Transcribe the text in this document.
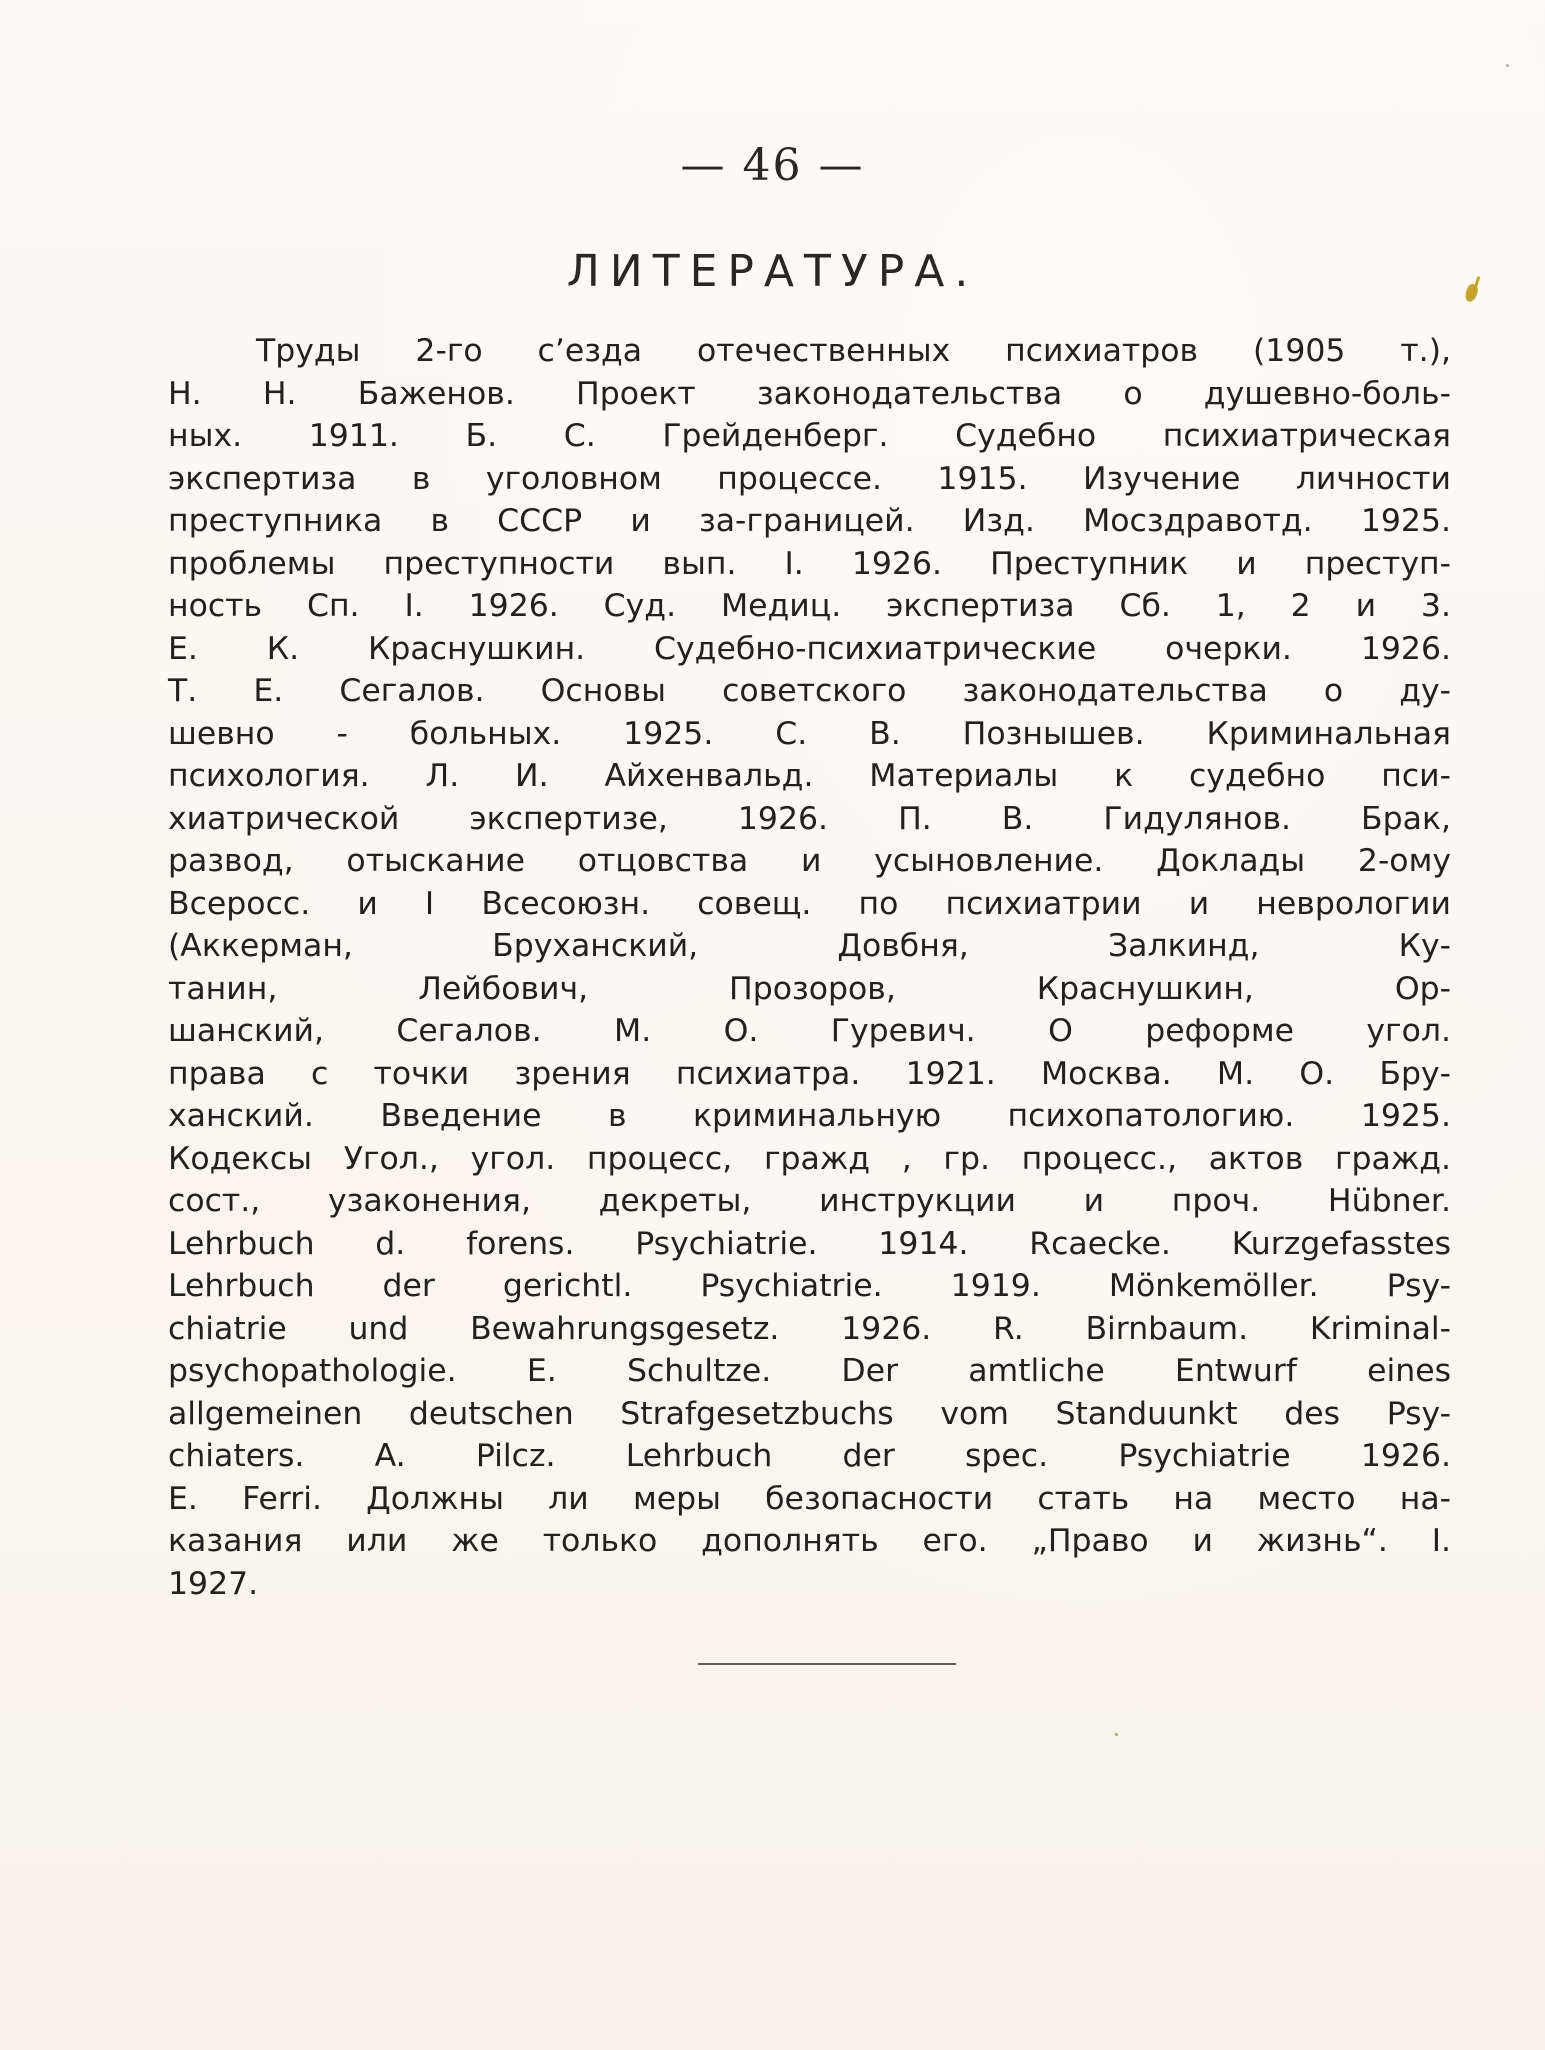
— 46 —
ЛИТЕРАТУРА.
Труды 2-го с’езда отечественных психиатров (1905 т.),
Н. Н. Баженов. Проект законодательства о душевно-боль-
ных. 1911. Б. С. Грейденберг. Судебно психиатрическая
экспертиза в уголовном процессе. 1915. Изучение личности
преступника в СССР и за-границей. Изд. Мосздравотд. 1925.
проблемы преступности вып. I. 1926. Преступник и преступ-
ность Сп. I. 1926. Суд. Медиц. экспертиза Сб. 1, 2 и 3.
Е. К. Краснушкин. Судебно-психиатрические очерки. 1926.
Т. Е. Сегалов. Основы советского законодательства о ду-
шевно - больных. 1925. С. В. Познышев. Криминальная
психология. Л. И. Айхенвальд. Материалы к судебно пси-
хиатрической экспертизе, 1926. П. В. Гидулянов. Брак,
развод, отыскание отцовства и усыновление. Доклады 2-ому
Всеросс. и I Всесоюзн. совещ. по психиатрии и неврологии
(Аккерман, Бруханский, Довбня, Залкинд, Ку-
танин, Лейбович, Прозоров, Краснушкин, Ор-
шанский, Сегалов. М. О. Гуревич. О реформе угол.
права с точки зрения психиатра. 1921. Москва. М. О. Бру-
ханский. Введение в криминальную психопатологию. 1925.
Кодексы Угол., угол. процесс, гражд , гр. процесс., актов гражд.
сост., узаконения, декреты, инструкции и проч. Hübner.
Lehrbuch d. forens. Psychiatrie. 1914. Rcaecke. Kurzgefasstes
Lehrbuch der gerichtl. Psychiatrie. 1919. Mönkemöller. Psy-
chiatrie und Bewahrungsgesetz. 1926. R. Birnbaum. Kriminal-
psychopathologie. E. Schultze. Der amtliche Entwurf eines
allgemeinen deutschen Strafgesetzbuchs vom Standuunkt des Psy-
chiaters. A. Pilcz. Lehrbuch der spec. Psychiatrie 1926.
E. Ferri. Должны ли меры безопасности стать на место на-
казания или же только дополнять его. „Право и жизнь“. I.
1927.
